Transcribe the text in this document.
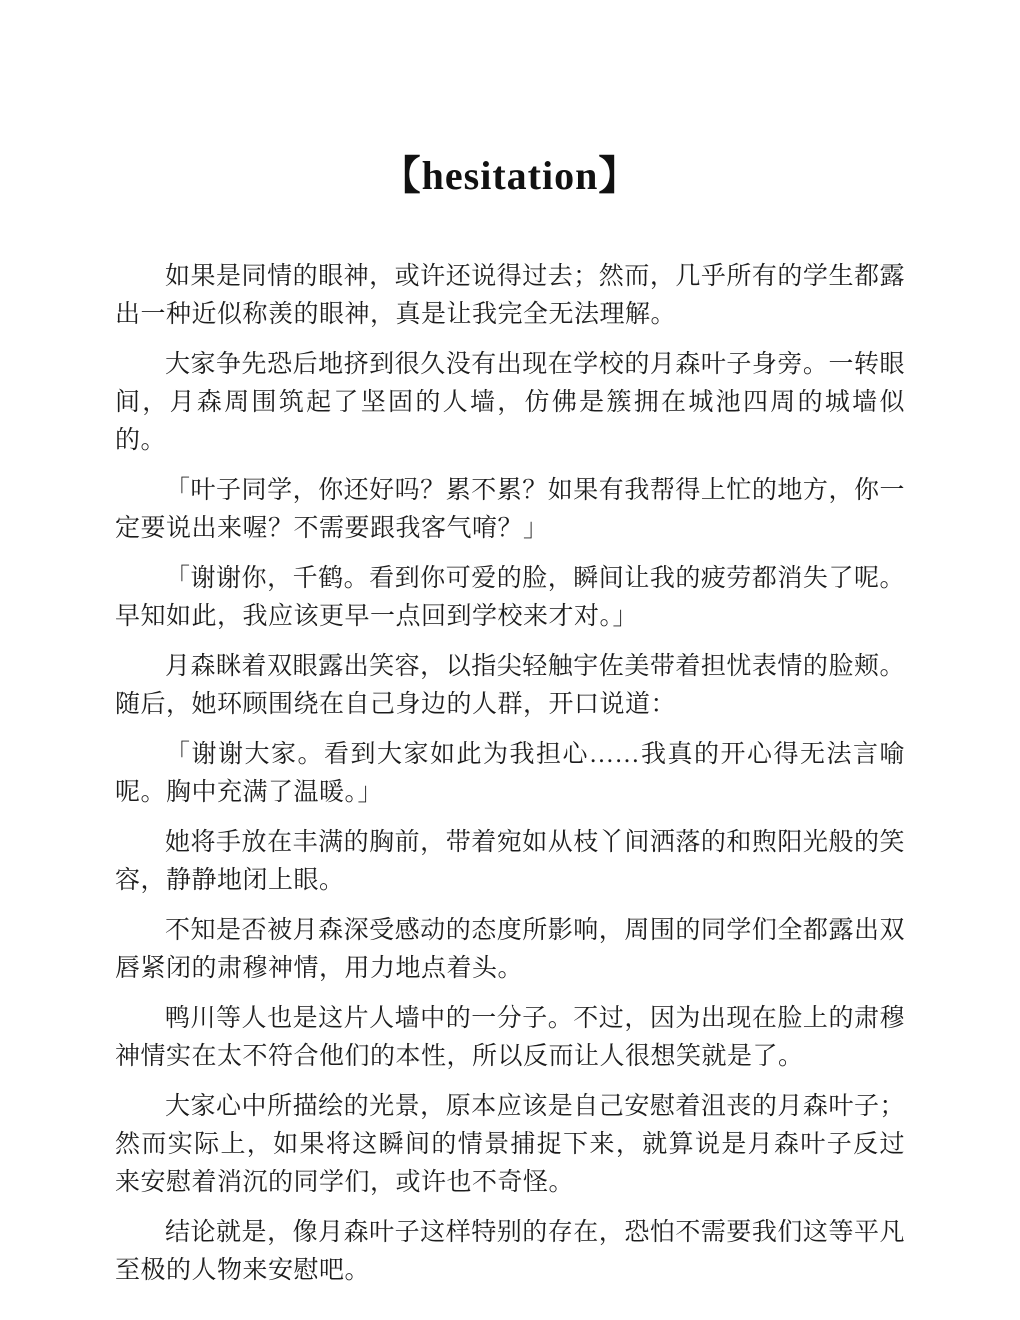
【hesitation】

如果是同情的眼神，或许还说得过去；然而，几乎所有的学生都露出一种近似称羡的眼神，真是让我完全无法理解。

大家争先恐后地挤到很久没有出现在学校的月森叶子身旁。一转眼间，月森周围筑起了坚固的人墙，仿佛是簇拥在城池四周的城墙似的。

「叶子同学，你还好吗？累不累？如果有我帮得上忙的地方，你一定要说出来喔？不需要跟我客气唷？」

「谢谢你，千鹤。看到你可爱的脸，瞬间让我的疲劳都消失了呢。早知如此，我应该更早一点回到学校来才对。」

月森眯着双眼露出笑容，以指尖轻触宇佐美带着担忧表情的脸颊。随后，她环顾围绕在自己身边的人群，开口说道：

「谢谢大家。看到大家如此为我担心……我真的开心得无法言喻呢。胸中充满了温暖。」

她将手放在丰满的胸前，带着宛如从枝丫间洒落的和煦阳光般的笑容，静静地闭上眼。

不知是否被月森深受感动的态度所影响，周围的同学们全都露出双唇紧闭的肃穆神情，用力地点着头。

鸭川等人也是这片人墙中的一分子。不过，因为出现在脸上的肃穆神情实在太不符合他们的本性，所以反而让人很想笑就是了。

大家心中所描绘的光景，原本应该是自己安慰着沮丧的月森叶子；然而实际上，如果将这瞬间的情景捕捉下来，就算说是月森叶子反过来安慰着消沉的同学们，或许也不奇怪。

结论就是，像月森叶子这样特别的存在，恐怕不需要我们这等平凡至极的人物来安慰吧。
